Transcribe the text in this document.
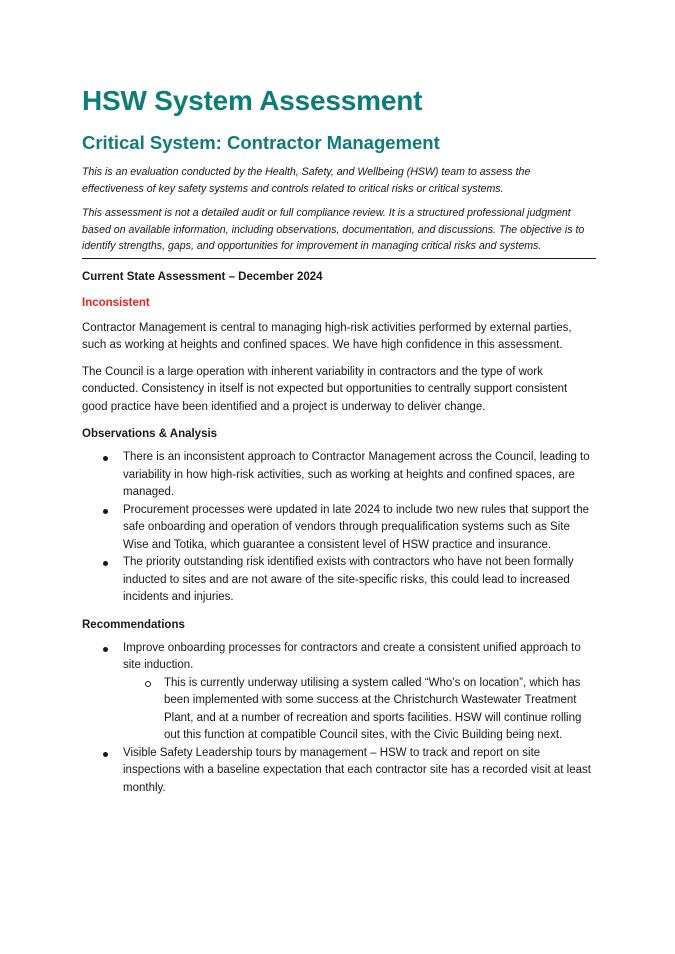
HSW System Assessment
Critical System: Contractor Management

This is an evaluation conducted by the Health, Safety, and Wellbeing (HSW) team to assess the effectiveness of key safety systems and controls related to critical risks or critical systems.

This assessment is not a detailed audit or full compliance review. It is a structured professional judgment based on available information, including observations, documentation, and discussions. The objective is to identify strengths, gaps, and opportunities for improvement in managing critical risks and systems.

Current State Assessment – December 2024
Inconsistent

Contractor Management is central to managing high-risk activities performed by external parties, such as working at heights and confined spaces. We have high confidence in this assessment.

The Council is a large operation with inherent variability in contractors and the type of work conducted. Consistency in itself is not expected but opportunities to centrally support consistent good practice have been identified and a project is underway to deliver change.

Observations & Analysis
There is an inconsistent approach to Contractor Management across the Council, leading to variability in how high-risk activities, such as working at heights and confined spaces, are managed.
Procurement processes were updated in late 2024 to include two new rules that support the safe onboarding and operation of vendors through prequalification systems such as Site Wise and Totika, which guarantee a consistent level of HSW practice and insurance.
The priority outstanding risk identified exists with contractors who have not been formally inducted to sites and are not aware of the site-specific risks, this could lead to increased incidents and injuries.
Recommendations
Improve onboarding processes for contractors and create a consistent unified approach to site induction.
This is currently underway utilising a system called “Who’s on location”, which has been implemented with some success at the Christchurch Wastewater Treatment Plant, and at a number of recreation and sports facilities. HSW will continue rolling out this function at compatible Council sites, with the Civic Building being next.
Visible Safety Leadership tours by management – HSW to track and report on site inspections with a baseline expectation that each contractor site has a recorded visit at least monthly.
